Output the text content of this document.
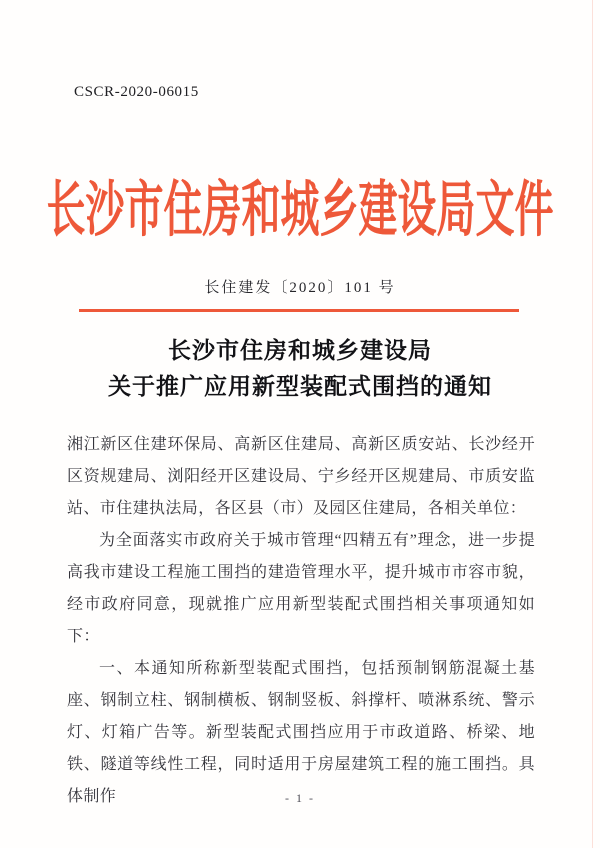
CSCR-2020-06015
长沙市住房和城乡建设局文件
长住建发〔2020〕101 号
长沙市住房和城乡建设局
关于推广应用新型装配式围挡的通知

湘江新区住建环保局、高新区住建局、高新区质安站、长沙经开区资规建局、浏阳经开区建设局、宁乡经开区规建局、市质安监站、市住建执法局，各区县（市）及园区住建局，各相关单位：

为全面落实市政府关于城市管理“四精五有”理念，进一步提高我市建设工程施工围挡的建造管理水平，提升城市市容市貌，经市政府同意，现就推广应用新型装配式围挡相关事项通知如下：

一、本通知所称新型装配式围挡，包括预制钢筋混凝土基座、钢制立柱、钢制横板、钢制竖板、斜撑杆、喷淋系统、警示灯、灯箱广告等。新型装配式围挡应用于市政道路、桥梁、地铁、隧道等线性工程，同时适用于房屋建筑工程的施工围挡。具体制作	- 1 -
